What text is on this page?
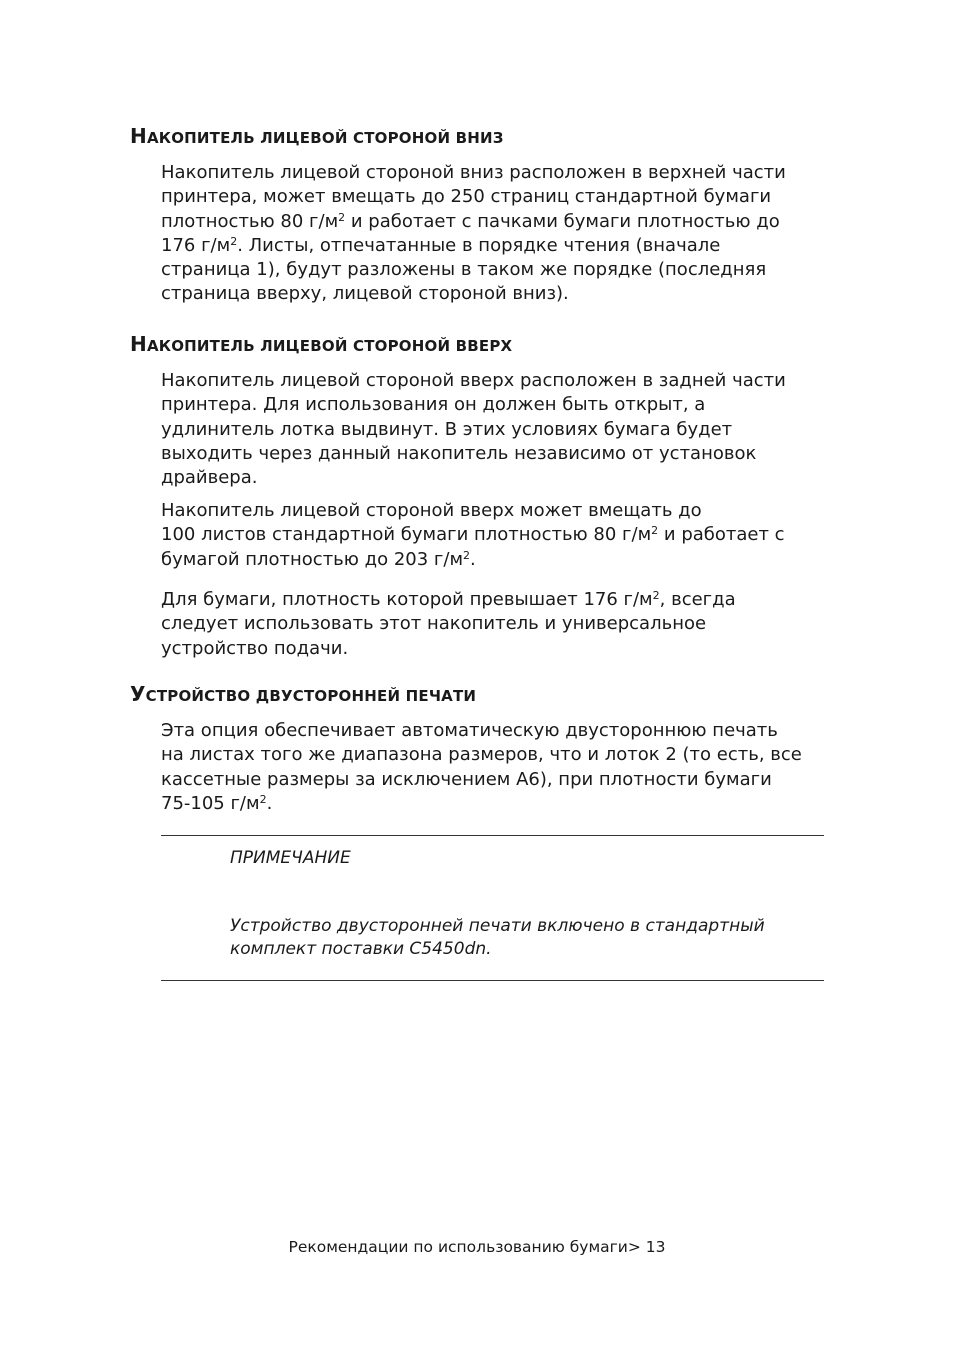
НАКОПИТЕЛЬ ЛИЦЕВОЙ СТОРОНОЙ ВНИЗ

Накопитель лицевой стороной вниз расположен в верхней части
принтера, может вмещать до 250 страниц стандартной бумаги
плотностью 80 $г/м^2$ и работает с пачками бумаги плотностью до
176 $г/м^2$. Листы, отпечатанные в порядке чтения (вначале
страница 1), будут разложены в таком же порядке (последняя
страница вверху, лицевой стороной вниз).

НАКОПИТЕЛЬ ЛИЦЕВОЙ СТОРОНОЙ ВВЕРХ

Накопитель лицевой стороной вверх расположен в задней части
принтера. Для использования он должен быть открыт, а
удлинитель лотка выдвинут. В этих условиях бумага будет
выходить через данный накопитель независимо от установок
драйвера.

Накопитель лицевой стороной вверх может вмещать до
100 листов стандартной бумаги плотностью 80 $г/м^2$ и работает с
бумагой плотностью до 203 $г/м^2$.

Для бумаги, плотность которой превышает 176 $г/м^2$, всегда
следует использовать этот накопитель и универсальное
устройство подачи.

УСТРОЙСТВО ДВУСТОРОННЕЙ ПЕЧАТИ

Эта опция обеспечивает автоматическую двустороннюю печать
на листах того же диапазона размеров, что и лоток 2 (то есть, все
кассетные размеры за исключением А6), при плотности бумаги
75-105 $г/м^2$.

ПРИМЕЧАНИЕ

Устройство двусторонней печати включено в стандартный

комплект поставки C5450dn.

Рекомендации по использованию бумаги> 13
